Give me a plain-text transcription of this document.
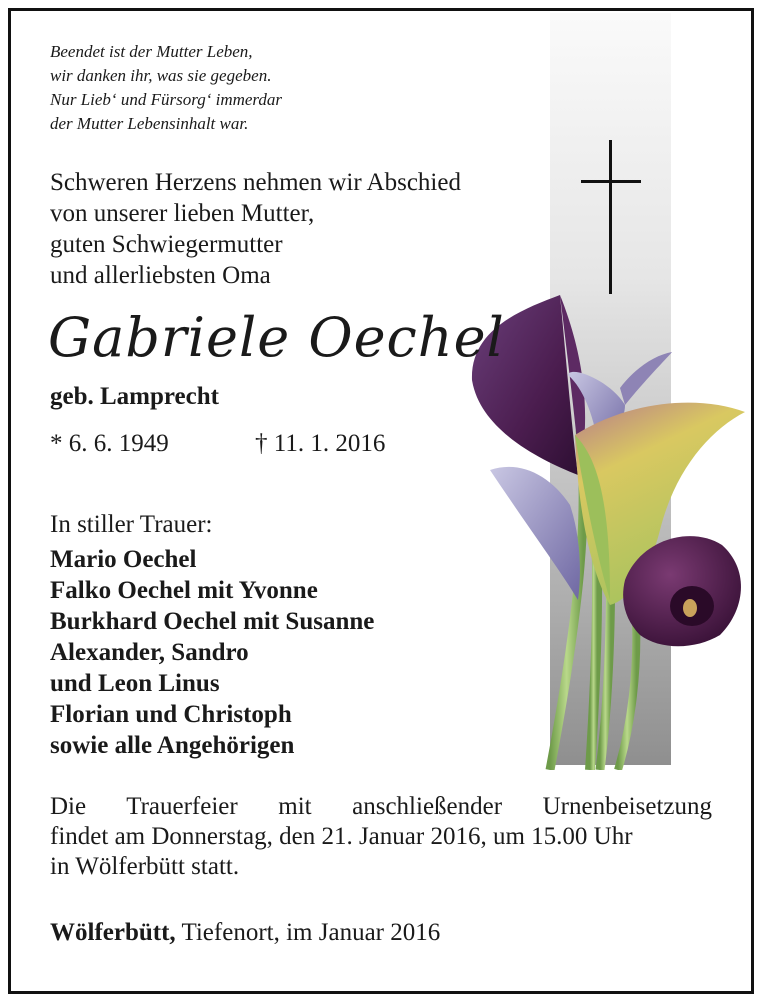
Beendet ist der Mutter Leben,
wir danken ihr, was sie gegeben.
Nur Lieb‘ und Fürsorg‘ immerdar
der Mutter Lebensinhalt war.
Schweren Herzens nehmen wir Abschied
von unserer lieben Mutter,
guten Schwiegermutter
und allerliebsten Oma
Gabriele Oechel
geb. Lamprecht
* 6. 6. 1949	† 11. 1. 2016
In stiller Trauer:
Mario Oechel
Falko Oechel mit Yvonne
Burkhard Oechel mit Susanne
Alexander, Sandro
und Leon Linus
Florian und Christoph
sowie alle Angehörigen
Die Trauerfeier mit anschließender Urnenbeisetzung
findet am Donnerstag, den 21. Januar 2016, um 15.00 Uhr
in Wölferbütt statt.
Wölferbütt, Tiefenort, im Januar 2016
